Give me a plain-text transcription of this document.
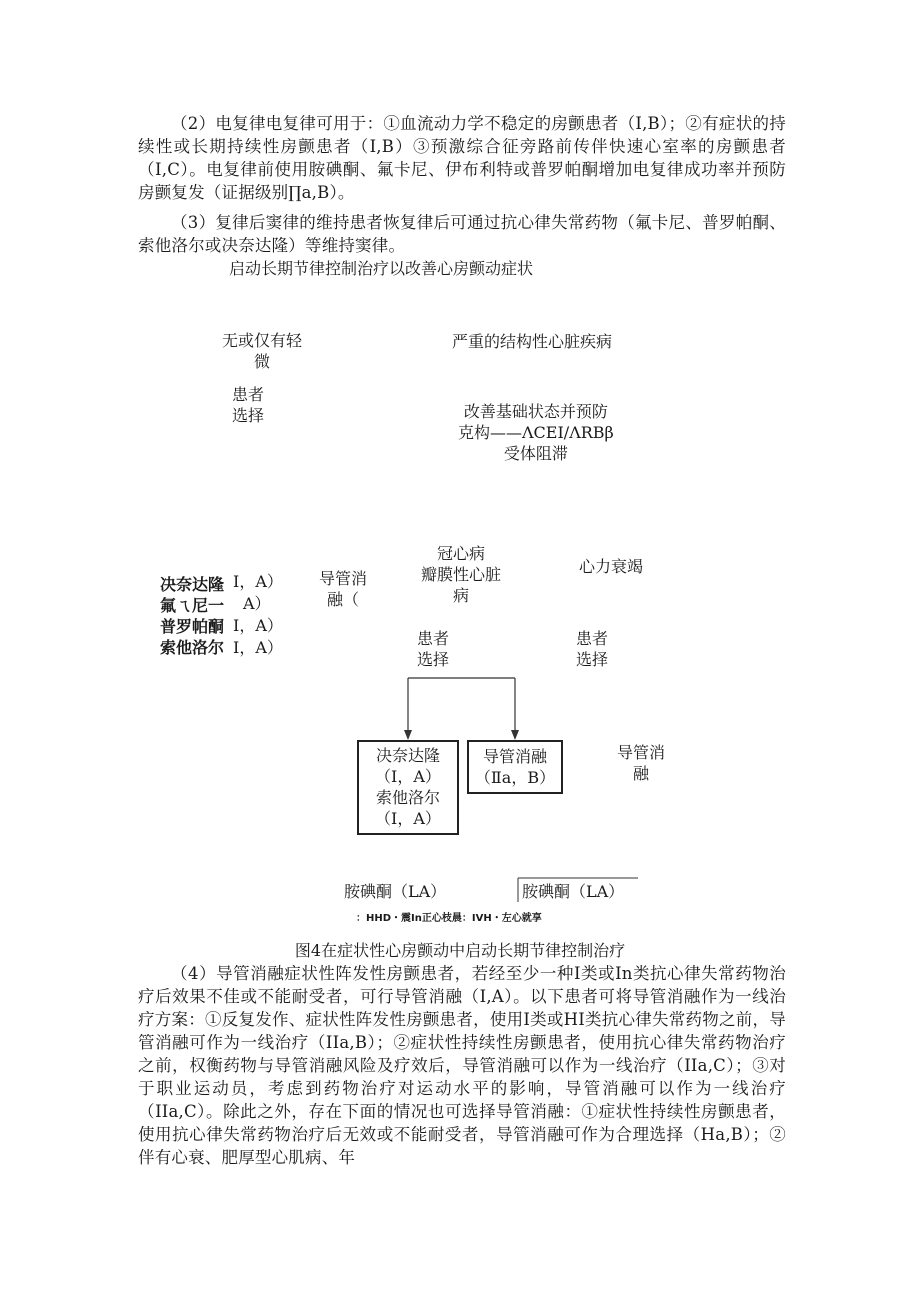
（2）电复律电复律可用于：①血流动力学不稳定的房颤患者（I,B）；②有症状的持续性或长期持续性房颤患者（I,B）③预激综合征旁路前传伴快速心室率的房颤患者（I,C）。电复律前使用胺碘酮、氟卡尼、伊布利特或普罗帕酮增加电复律成功率并预防房颤复发（证据级别∏a,B）。

（3）复律后窦律的维持患者恢复律后可通过抗心律失常药物（氟卡尼、普罗帕酮、索他洛尔或决奈达隆）等维持窦律。

启动长期节律控制治疗以改善心房颤动症状
无或仅有轻
微
严重的结构性心脏疾病
患者
选择	改善基础状态并预防
克构——ΛCEI∕ΛRBβ
受体阻滞
决奈达隆
氟ㄟ尼一
普罗帕酮
索他洛尔
I，A）
A）
I，A）
I，A）
导管消
融（
冠心病
瓣膜性心脏
病
心力衰竭
患者
选择
患者
选择
决奈达隆
（I，A）
索他洛尔
（I，A）
导管消融
（Ⅱa，B）
导管消
融
胺碘酮（LA）	胺碘酮（LA）
：HHD・震In正心枝晨：IVH・左心就享
图4在症状性心房颤动中启动长期节律控制治疗

（4）导管消融症状性阵发性房颤患者，若经至少一种I类或In类抗心律失常药物治疗后效果不佳或不能耐受者，可行导管消融（I,A）。以下患者可将导管消融作为一线治疗方案：①反复发作、症状性阵发性房颤患者，使用I类或HI类抗心律失常药物之前，导管消融可作为一线治疗（IIa,B）；②症状性持续性房颤患者，使用抗心律失常药物治疗之前，权衡药物与导管消融风险及疗效后，导管消融可以作为一线治疗（IIa,C）；③对于职业运动员，考虑到药物治疗对运动水平的影响，导管消融可以作为一线治疗（IIa,C）。除此之外，存在下面的情况也可选择导管消融：①症状性持续性房颤患者，使用抗心律失常药物治疗后无效或不能耐受者，导管消融可作为合理选择（Ha,B）；②伴有心衰、肥厚型心肌病、年
